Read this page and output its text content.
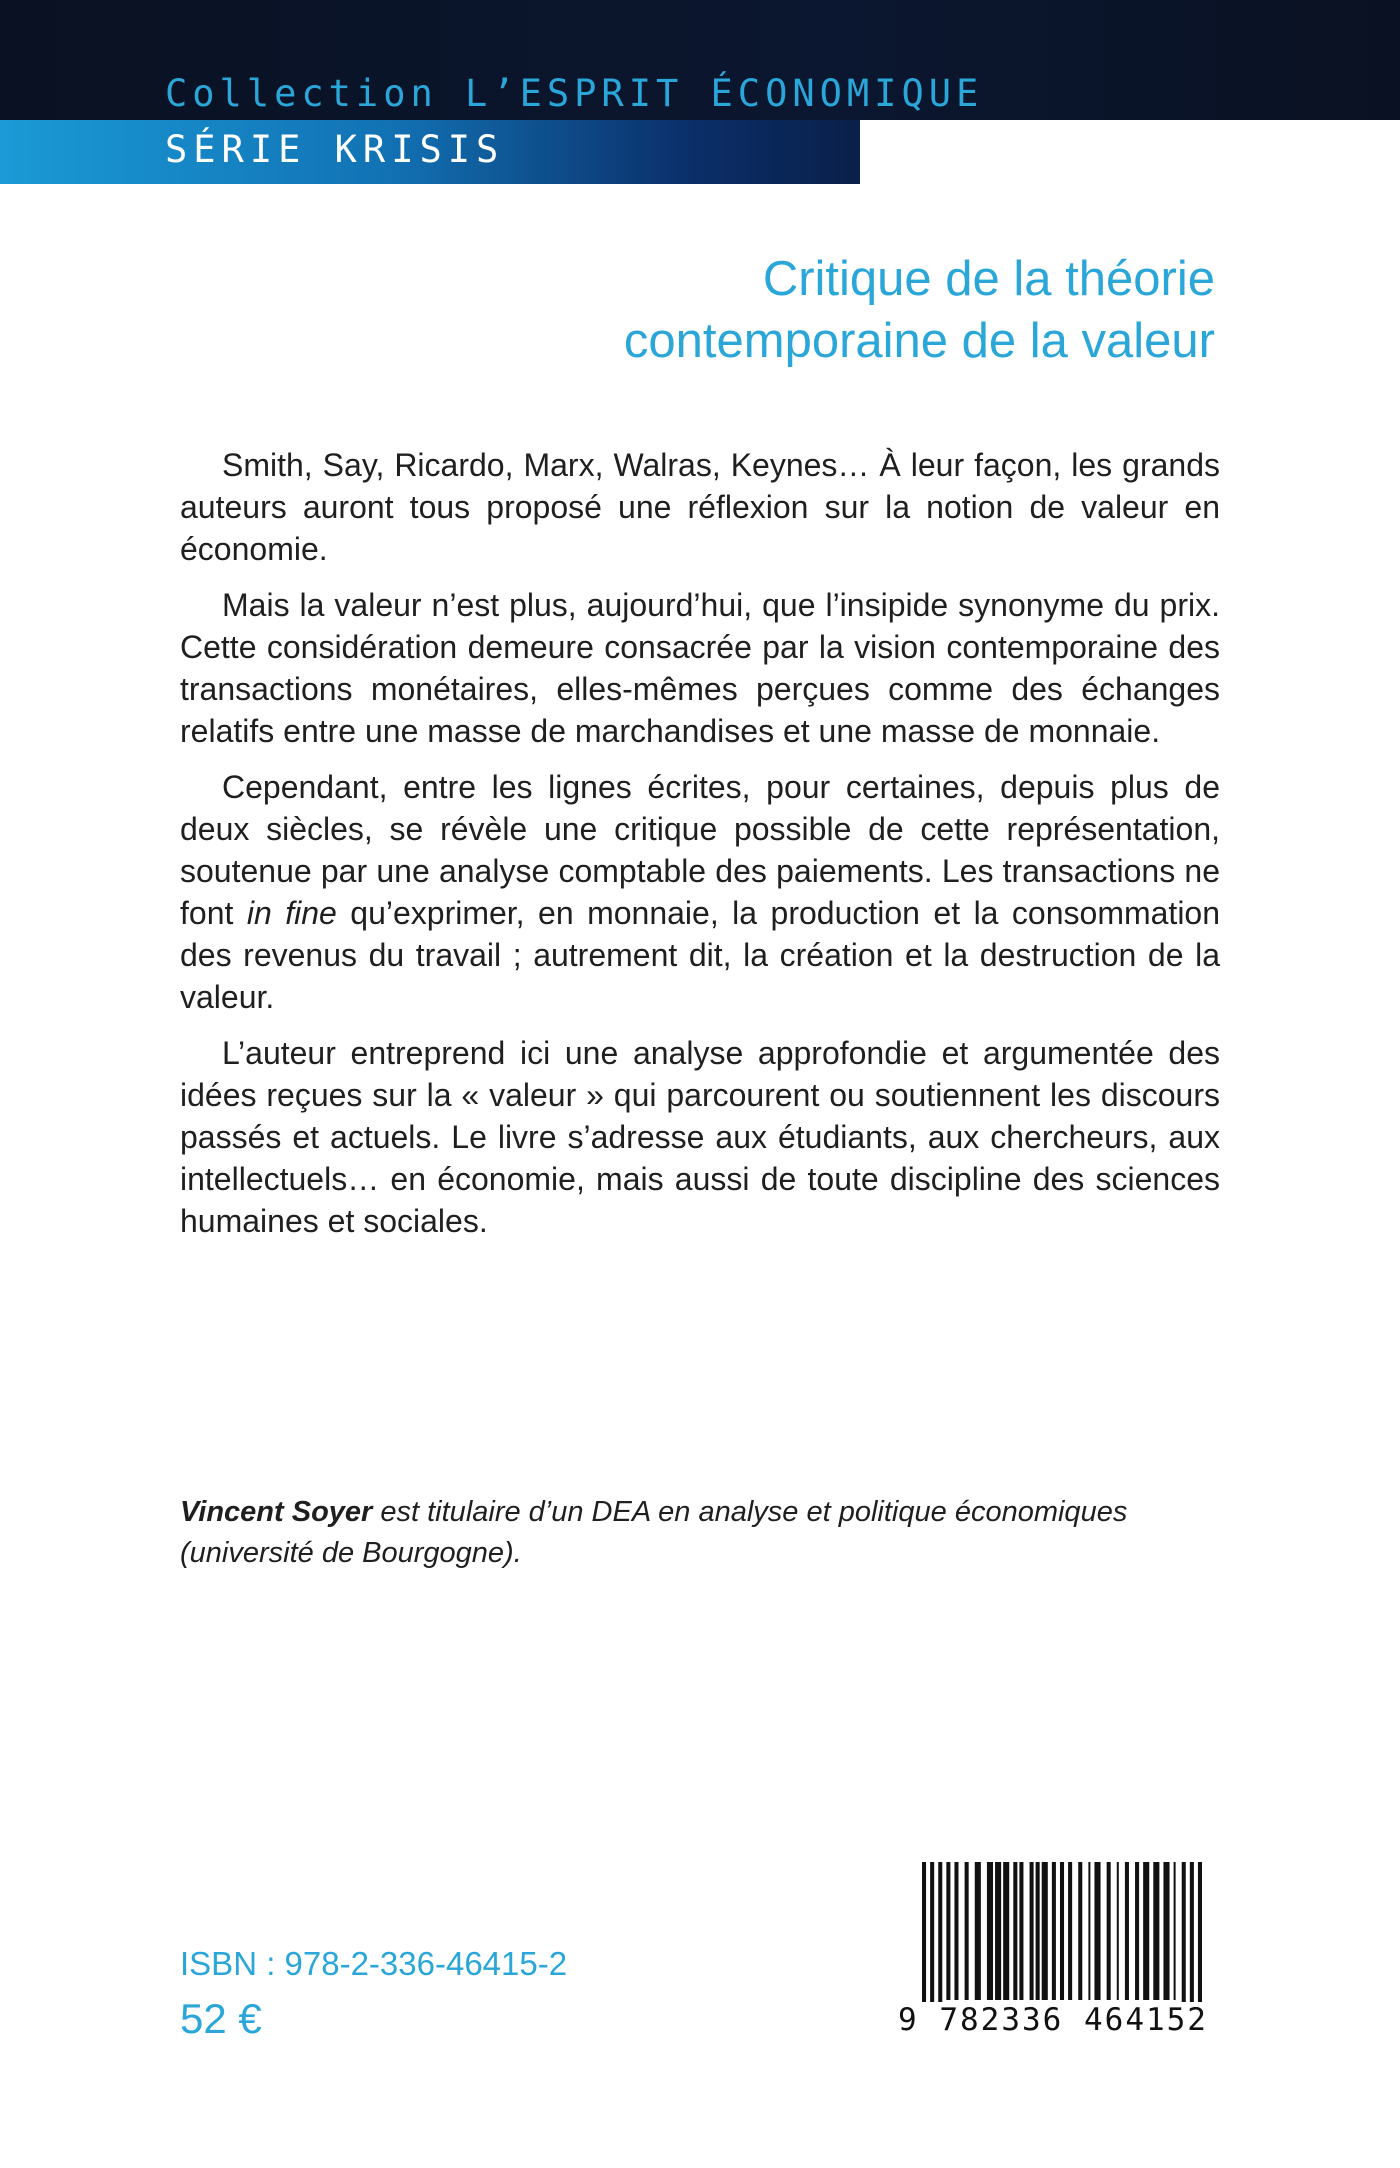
Collection L’ESPRIT ÉCONOMIQUE
SÉRIE KRISIS
Critique de la théorie
contemporaine de la valeur

Smith, Say, Ricardo, Marx, Walras, Keynes… À leur façon, les grands auteurs auront tous proposé une réflexion sur la notion de valeur en économie.

Mais la valeur n’est plus, aujourd’hui, que l’insipide synonyme du prix. Cette considération demeure consacrée par la vision contemporaine des transactions monétaires, elles-mêmes perçues comme des échanges relatifs entre une masse de marchandises et une masse de monnaie.

Cependant, entre les lignes écrites, pour certaines, depuis plus de deux siècles, se révèle une critique possible de cette représentation, soutenue par une analyse comptable des paiements. Les transactions ne font in fine qu’exprimer, en monnaie, la production et la consommation des revenus du travail ; autrement dit, la création et la destruction de la valeur.

L’auteur entreprend ici une analyse approfondie et argumentée des idées reçues sur la « valeur » qui parcourent ou soutiennent les discours passés et actuels. Le livre s’adresse aux étudiants, aux chercheurs, aux intellectuels… en économie, mais aussi de toute discipline des sciences humaines et sociales.

Vincent Soyer est titulaire d’un DEA en analyse et politique économiques (université de Bourgogne).
ISBN : 978-2-336-46415-2
52 €	9 782336 464152
